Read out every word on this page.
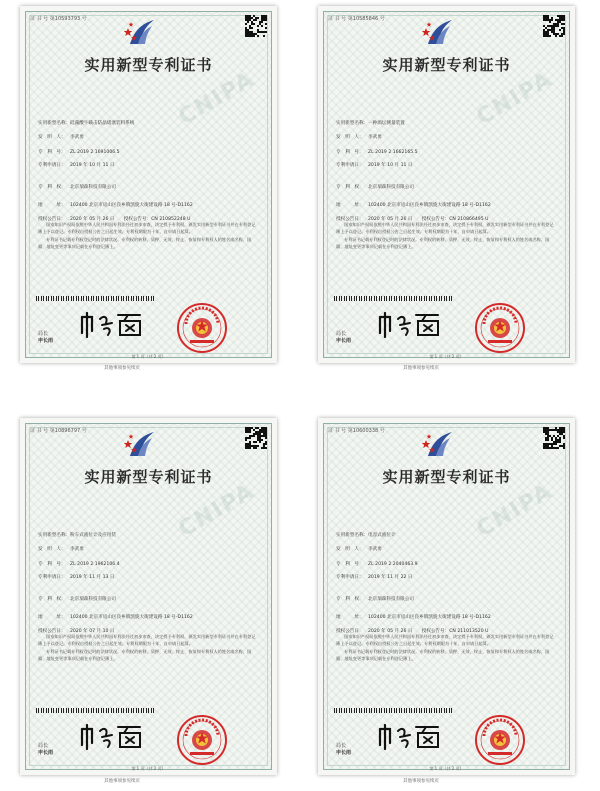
证 书 号 第10593793 号
实用新型专利证书
CNIPA
实用新型名称：硅藻酸牛磺击防晶堵塞装料系统
发　明　人： 李武勇
专　利　号： ZL 2019 2 1691006.5
专利申请日： 2019 年 10 月 11 日
专　利　权： 北京瑞森科技有限公司
地　　　址： 102400 北京市房山区良乡镇凯旋大街建设路 18 号-D1162
授权公告日： 2020 年 05 月 26 日　　授权公告号：CN 210852248 U

国家知识产权局依照中华人民共和国专利法经过初步审查，决定授予专利权，颁发实用新型专利证书并在专利登记簿上予以登记。专利权自授权公告之日起生效。专利权期限为十年，自申请日起算。

专利证书记载专利权登记时的法律状况。专利权的转移、质押、无效、终止、恢复和专利权人的姓名或名称、国籍、地址变更等事项记载在专利登记簿上。

局长
申长雨
第 1 页（共 2 页）
其他事项参见续页
证 书 号 第10585846 号
实用新型专利证书
CNIPA
实用新型名称：一种酒坛测量装置
发　明　人： 李武勇
专　利　号： ZL 2019 2 1662165.5
专利申请日： 2019 年 10 月 11 日
专　利　权： 北京瑞森科技有限公司
地　　　址： 102400 北京市房山区良乡镇凯旋大街建设路 18 号-D1162
授权公告日： 2020 年 05 月 26 日　　授权公告号：CN 210866495 U

国家知识产权局依照中华人民共和国专利法经过初步审查，决定授予专利权，颁发实用新型专利证书并在专利登记簿上予以登记。专利权自授权公告之日起生效。专利权期限为十年，自申请日起算。

专利证书记载专利权登记时的法律状况。专利权的转移、质押、无效、终止、恢复和专利权人的姓名或名称、国籍、地址变更等事项记载在专利登记簿上。

局长
申长雨
第 1 页（共 2 页）
其他事项参见续页
证 书 号 第10896797 号
实用新型专利证书
CNIPA
实用新型名称：粉车式液位计及应用装
发　明　人： 李武勇
专　利　号： ZL 2019 2 1962106.4
专利申请日： 2019 年 11 月 13 日
专　利　权： 北京瑞森科技有限公司
地　　　址： 102400 北京市房山区良乡镇凯旋大街建设路 18 号-D1162
授权公告日： 2020 年 07 月 10 日

国家知识产权局依照中华人民共和国专利法经过初步审查，决定授予专利权，颁发实用新型专利证书并在专利登记簿上予以登记。专利权自授权公告之日起生效。专利权期限为十年，自申请日起算。

专利证书记载专利权登记时的法律状况。专利权的转移、质押、无效、终止、恢复和专利权人的姓名或名称、国籍、地址变更等事项记载在专利登记簿上。

局长
申长雨
第 1 页（共 2 页）
其他事项参见续页
证 书 号 第10600338 号
实用新型专利证书
CNIPA
实用新型名称：电容式液位计
发　明　人： 李武勇
专　利　号： ZL 2019 2 2040463.9
专利申请日： 2019 年 11 月 22 日
专　利　权： 北京瑞森科技有限公司
地　　　址： 102400 北京市房山区良乡镇凯旋大街建设路 18 号-D1162
授权公告日： 2020 年 05 月 26 日　　授权公告号：CN 211013520 U

国家知识产权局依照中华人民共和国专利法经过初步审查，决定授予专利权，颁发实用新型专利证书并在专利登记簿上予以登记。专利权自授权公告之日起生效。专利权期限为十年，自申请日起算。

专利证书记载专利权登记时的法律状况。专利权的转移、质押、无效、终止、恢复和专利权人的姓名或名称、国籍、地址变更等事项记载在专利登记簿上。

局长
申长雨
第 1 页（共 2 页）
其他事项参见续页
